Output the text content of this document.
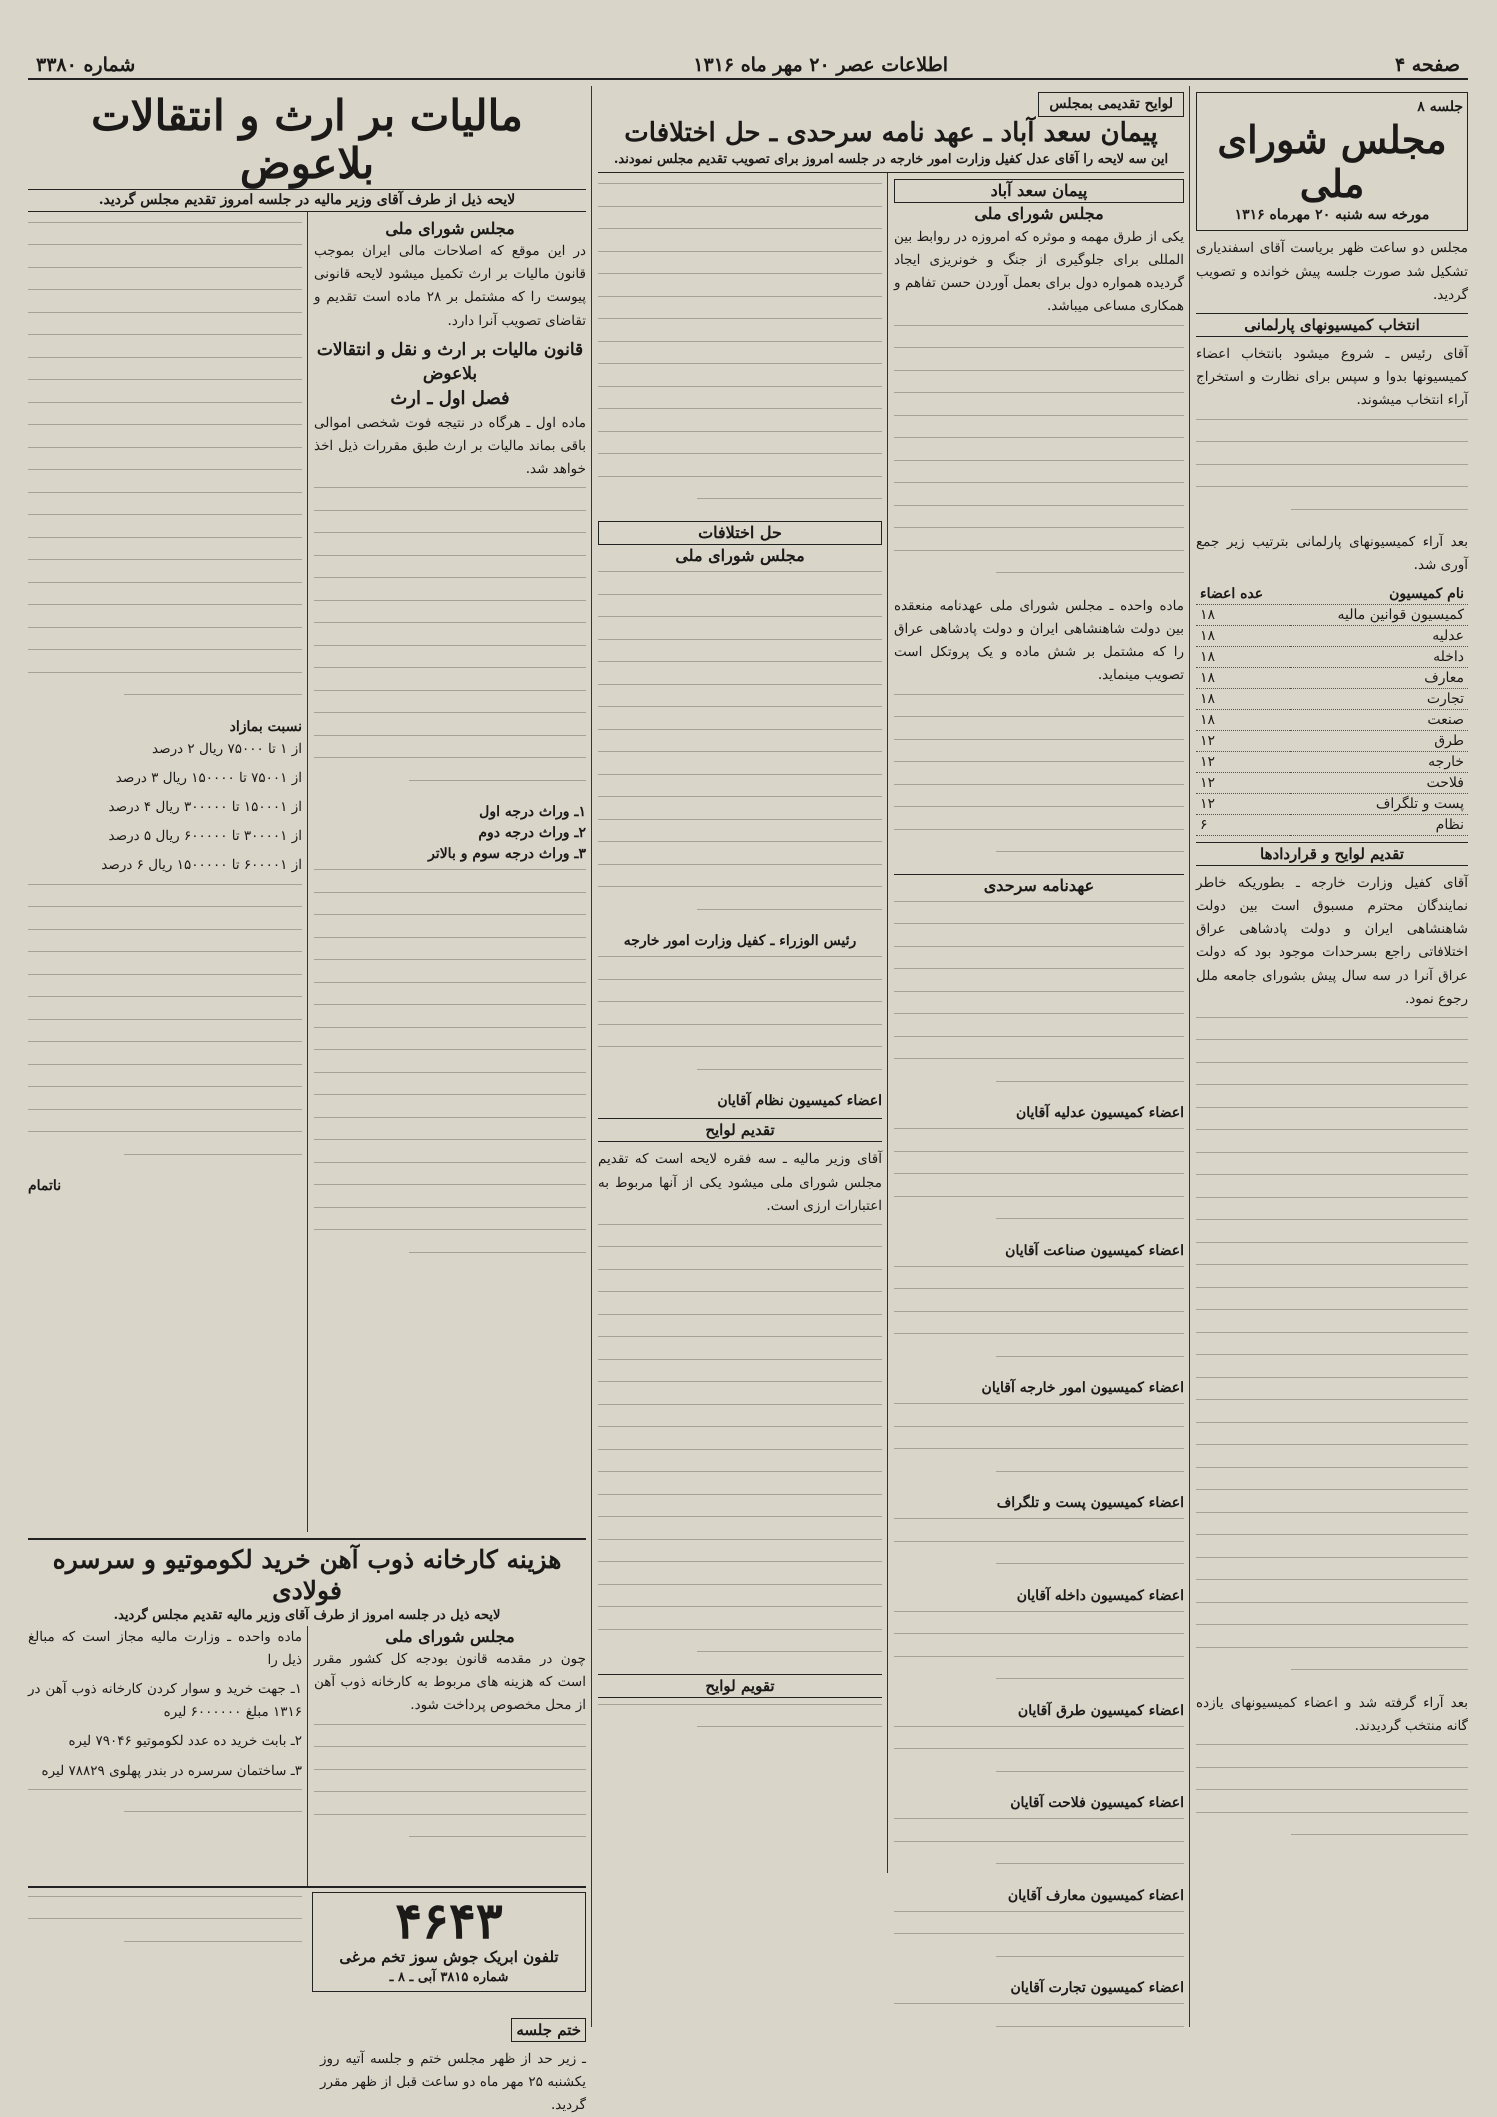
صفحه ۴
اطلاعات عصر ۲۰ مهر ماه ۱۳۱۶
شماره ۳۳۸۰
جلسه ۸
مجلس شورای ملی
مورخه سه شنبه ۲۰ مهرماه ۱۳۱۶

مجلس دو ساعت ظهر بریاست آقای اسفندیاری تشکیل شد صورت جلسه پیش خوانده و تصویب گردید.

انتخاب کمیسیونهای پارلمانی

آقای رئیس ـ شروع میشود بانتخاب اعضاء کمیسیونها بدوا و سپس برای نظارت و استخراج آراء انتخاب میشوند.

بعد آراء کمیسیونهای پارلمانی بترتیب زیر جمع آوری شد.

نام کمیسیون	عده اعضاء
کمیسیون قوانین مالیه	۱۸
عدلیه	۱۸
داخله	۱۸
معارف	۱۸
تجارت	۱۸
صنعت	۱۸
طرق	۱۲
خارجه	۱۲
فلاحت	۱۲
پست و تلگراف	۱۲
نظام	۶
تقدیم لوایح و قراردادها

آقای کفیل وزارت خارجه ـ بطوریکه خاطر نمایندگان محترم مسبوق است بین دولت شاهنشاهی ایران و دولت پادشاهی عراق اختلافاتی راجع بسرحدات موجود بود که دولت عراق آنرا در سه سال پیش بشورای جامعه ملل رجوع نمود.

بعد آراء گرفته شد و اعضاء کمیسیونهای یازده گانه منتخب گردیدند.

لوایح تقدیمی بمجلس
پیمان سعد آباد ـ عهد نامه سرحدی ـ حل اختلافات
این سه لایحه را آقای عدل کفیل وزارت امور خارجه در جلسه امروز برای تصویب تقدیم مجلس نمودند.
پیمان سعد آباد
مجلس شورای ملی

یکی از طرق مهمه و موثره که امروزه در روابط بین المللی برای جلوگیری از جنگ و خونریزی ایجاد گردیده همواره دول برای بعمل آوردن حسن تفاهم و همکاری مساعی میباشد.

ماده واحده ـ مجلس شورای ملی عهدنامه منعقده بین دولت شاهنشاهی ایران و دولت پادشاهی عراق را که مشتمل بر شش ماده و یک پروتکل است تصویب مینماید.

عهدنامه سرحدی
اعضاء کمیسیون عدلیه آقایان
اعضاء کمیسیون صناعت آقایان
اعضاء کمیسیون امور خارجه آقایان
اعضاء کمیسیون پست و تلگراف
اعضاء کمیسیون داخله آقایان
اعضاء کمیسیون طرق آقایان
اعضاء کمیسیون فلاحت آقایان
اعضاء کمیسیون معارف آقایان
اعضاء کمیسیون تجارت آقایان
حل اختلافات
مجلس شورای ملی
رئیس الوزراء ـ کفیل وزارت امور خارجه
اعضاء کمیسیون نظام آقایان
تقدیم لوایح

آقای وزیر مالیه ـ سه فقره لایحه است که تقدیم مجلس شورای ملی میشود یکی از آنها مربوط به اعتبارات ارزی است.

تقویم لوایح
مالیات بر ارث و انتقالات بلاعوض
لایحه ذیل از طرف آقای وزیر مالیه در جلسه امروز تقدیم مجلس گردید.
مجلس شورای ملی

در این موقع که اصلاحات مالی ایران بموجب قانون مالیات بر ارث تکمیل میشود لایحه قانونی پیوست را که مشتمل بر ۲۸ ماده است تقدیم و تقاضای تصویب آنرا دارد.

قانون مالیات بر ارث و نقل و انتقالات بلاعوض
فصل اول ـ ارث

ماده اول ـ هرگاه در نتیجه فوت شخصی اموالی باقی بماند مالیات بر ارث طبق مقررات ذیل اخذ خواهد شد.

۱ـ وراث درجه اول
۲ـ وراث درجه دوم
۳ـ وراث درجه سوم و بالاتر
نسبت بمازاد

از ۱ تا ۷۵۰۰۰ ریال ۲ درصد

از ۷۵۰۰۱ تا ۱۵۰۰۰۰ ریال ۳ درصد

از ۱۵۰۰۰۱ تا ۳۰۰۰۰۰ ریال ۴ درصد

از ۳۰۰۰۰۱ تا ۶۰۰۰۰۰ ریال ۵ درصد

از ۶۰۰۰۰۱ تا ۱۵۰۰۰۰۰ ریال ۶ درصد

ناتمام
هزینه کارخانه ذوب آهن خرید لکوموتیو و سرسره فولادی
لایحه ذیل در جلسه امروز از طرف آقای وزیر مالیه تقدیم مجلس گردید.
مجلس شورای ملی

چون در مقدمه قانون بودجه کل کشور مقرر است که هزینه های مربوط به کارخانه ذوب آهن از محل مخصوص پرداخت شود.

ماده واحده ـ وزارت مالیه مجاز است که مبالغ ذیل را

۱ـ جهت خرید و سوار کردن کارخانه ذوب آهن در ۱۳۱۶ مبلغ ۶۰۰۰۰۰۰ لیره

۲ـ بابت خرید ده عدد لکوموتیو ۷۹۰۴۶ لیره

۳ـ ساختمان سرسره در بندر پهلوی ۷۸۸۲۹ لیره

۴۶۴۳
تلفون ابریک جوش سوز تخم مرغی
شماره ۳۸۱۵ آبی ـ ۸ ـ
ختم جلسه

ـ زیر حد از ظهر مجلس ختم و جلسه آتیه روز یکشنبه ۲۵ مهر ماه دو ساعت قبل از ظهر مقرر گردید.
